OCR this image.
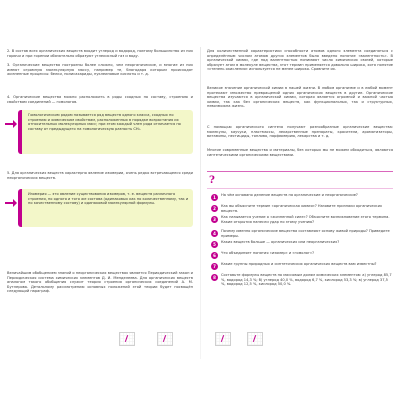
2. В состав всех органических веществ входит углерод и водород, поэтому большинство из них горючи и при горении обязательно образуют углекислый газ и воду.

3. Органические вещества построены более сложно, чем неорганические, и многие из них имеют огромную молекулярную массу, например те, благодаря которым происходят жизненные процессы: белки, полисахариды, нуклеиновые кислоты и т. д.

4. Органические вещества можно расположить в ряды сходных по составу, строению и свойствам соединений — гомологов.

Гомологическим рядом называется ряд веществ одного класса, сходных по строению и химическим свойствам, расположенных в порядке возрастания их относительных молекулярных масс; при этом каждый член ряда отличается по составу от предыдущего на гомологическую разность CH₂.

5. Для органических веществ характерно явление изомерии, очень редко встречающееся среди неорганических веществ.

Изомерия — это явление существования изомеров, т. е. веществ различного строения, но одного и того же состава (одинаковых как по количественному, так и по качественному составу) и одинаковой молекулярной формулы.

Величайшим обобщением знаний о неорганических веществах является Периодический закон и Периодическая система химических элементов Д. И. Менделеева. Для органических веществ аналогом такого обобщения служит теория строения органических соединений А. М. Бутлерова. Детальному рассмотрению основных положений этой теории будет посвящён следующий параграф.

Для количественной характеристики способности атомов одного элемента соединяться с определённым числом атомов других элементов было введено понятие «валентность». В органической химии, где под валентностью понимают число химических связей, которые образует атом в молекуле вещества, этот термин применяется довольно широко, хотя понятие «степень окисления» используется не менее широко. Сравните их.

Великое значение органической химии в нашей жизни. В любом организме и в любой момент протекают множество превращений одних органических веществ в другие. Органические вещества изучаются в органической химии, которая является огромной и важной частью химии, так как без органических веществ, как функциональных, так и структурных, невозможна жизнь.

С помощью органического синтеза получают разнообразные органические вещества: молекулы, каучуки, пластмассы, лекарственные препараты, красители, ароматизаторы, витамины, пестициды, топливо, парфюмерию, лекарства и т. д.

Многие современные вещества и материалы, без которых мы не можем обходиться, являются синтетическими органическими веществами.

?
1	На чём основано деление веществ на органические и неорганические?
2	Как вы объясните термин «органическая химия»? Назовите признаки органических веществ.
3	Как называется учение о «жизненной силе»? Объясните возникновение этого термина. Какие открытия нанесли удар по этому учению?
4	Почему именно органические вещества составляют основу живой природы? Приведите примеры.
5	Каких веществ больше — органических или неорганических?
6	Что объединяет понятия «изомер» и «гомолог»?
7	Какие группы природных и синтетических органических веществ вам известны?
8	Составьте формулы веществ по массовым долям химических элементов: а) углерод 85,7 %, водород 14,3 %; б) углерод 40,0 %, водород 6,7 %, кислород 53,3 %; в) углерод 37,5 %, водород 12,5 %, кислород 50,0 %.
